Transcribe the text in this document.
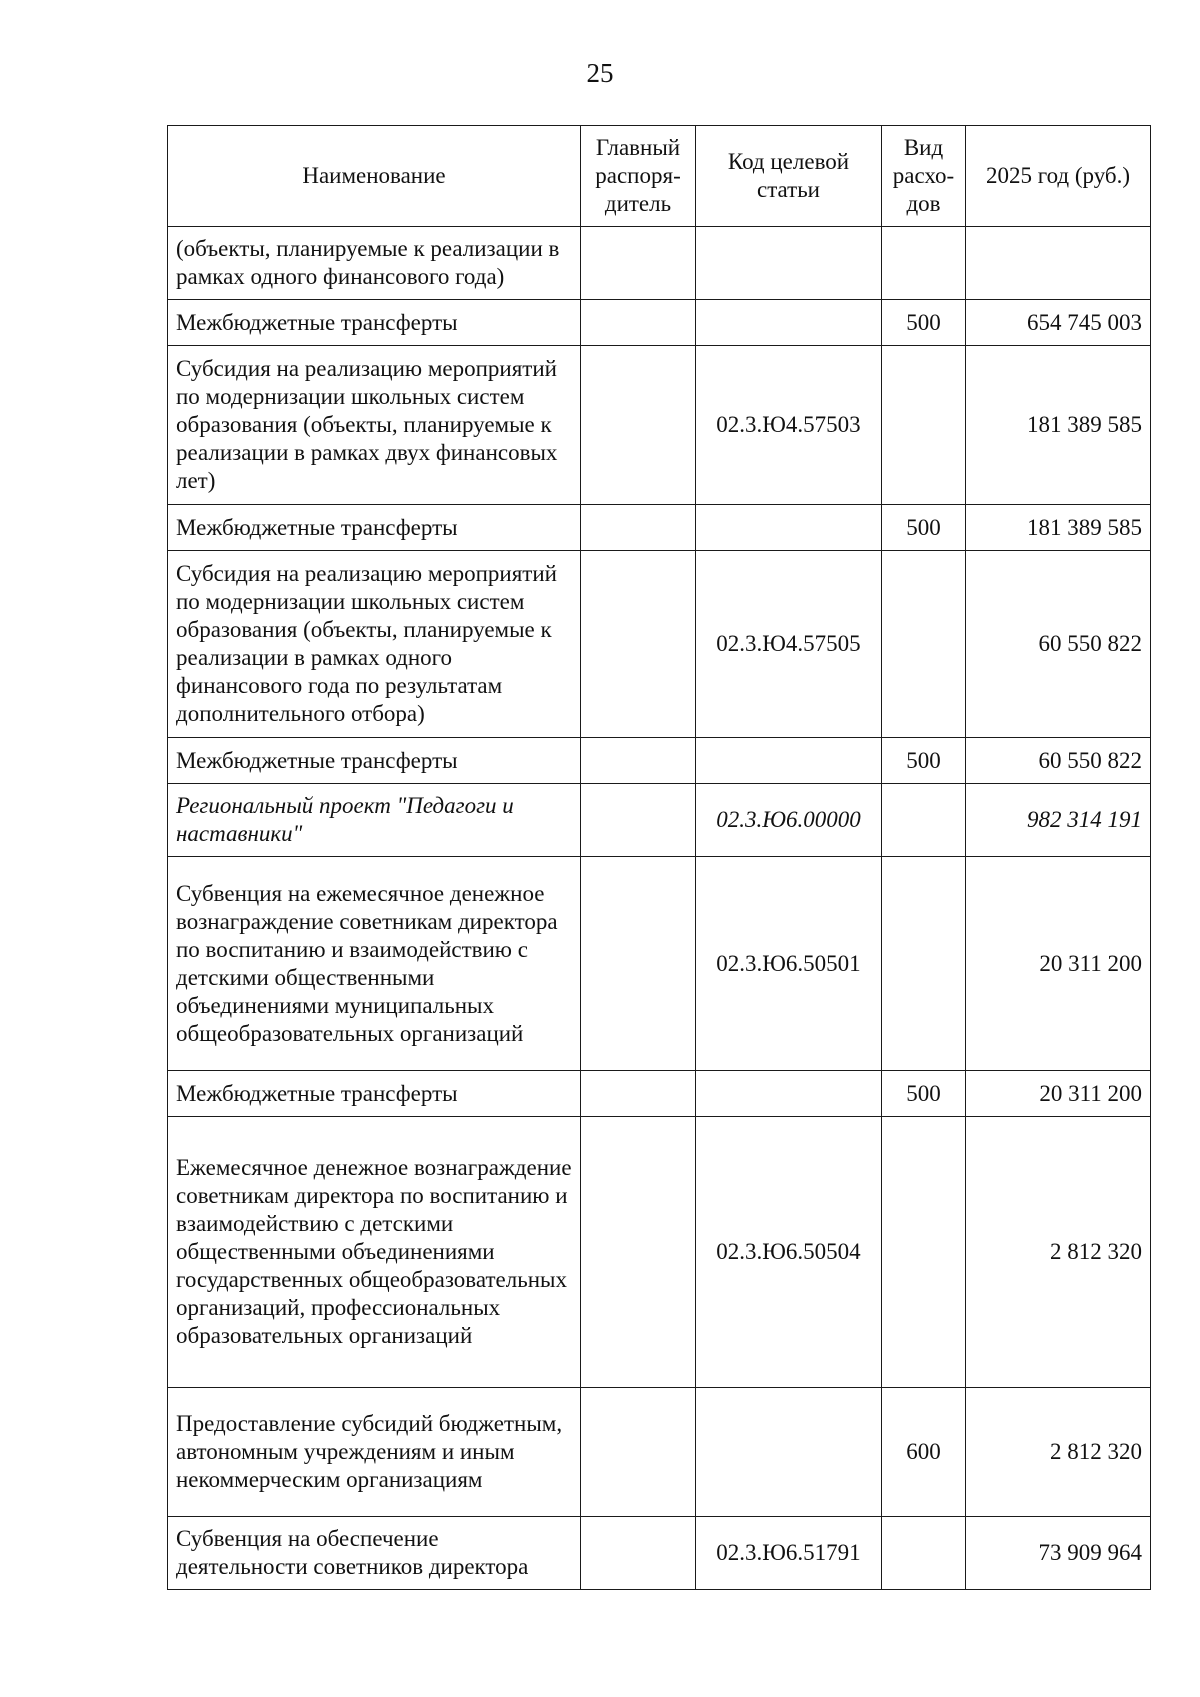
25
Наименование	Главный распоря-дитель	Код целевой статьи	Вид расхо-дов	2025 год (руб.)
(объекты, планируемые к реализации в рамках одного финансового года)				
Межбюджетные трансферты			500	654 745 003
Субсидия на реализацию мероприятий по модернизации школьных систем образования (объекты, планируемые к реализации в рамках двух финансовых лет)		02.3.Ю4.57503		181 389 585
Межбюджетные трансферты			500	181 389 585
Субсидия на реализацию мероприятий по модернизации школьных систем образования (объекты, планируемые к реализации в рамках одного финансового года по результатам дополнительного отбора)		02.3.Ю4.57505		60 550 822
Межбюджетные трансферты			500	60 550 822
Региональный проект "Педагоги и наставники"		02.3.Ю6.00000		982 314 191
Субвенция на ежемесячное денежное вознаграждение советникам директора по воспитанию и взаимодействию с детскими общественными объединениями муниципальных общеобразовательных организаций		02.3.Ю6.50501		20 311 200
Межбюджетные трансферты			500	20 311 200
Ежемесячное денежное вознаграждение советникам директора по воспитанию и взаимодействию с детскими общественными объединениями государственных общеобразовательных организаций, профессиональных образовательных организаций		02.3.Ю6.50504		2 812 320
Предоставление субсидий бюджетным, автономным учреждениям и иным некоммерческим организациям			600	2 812 320
Субвенция на обеспечение деятельности советников директора		02.3.Ю6.51791		73 909 964
